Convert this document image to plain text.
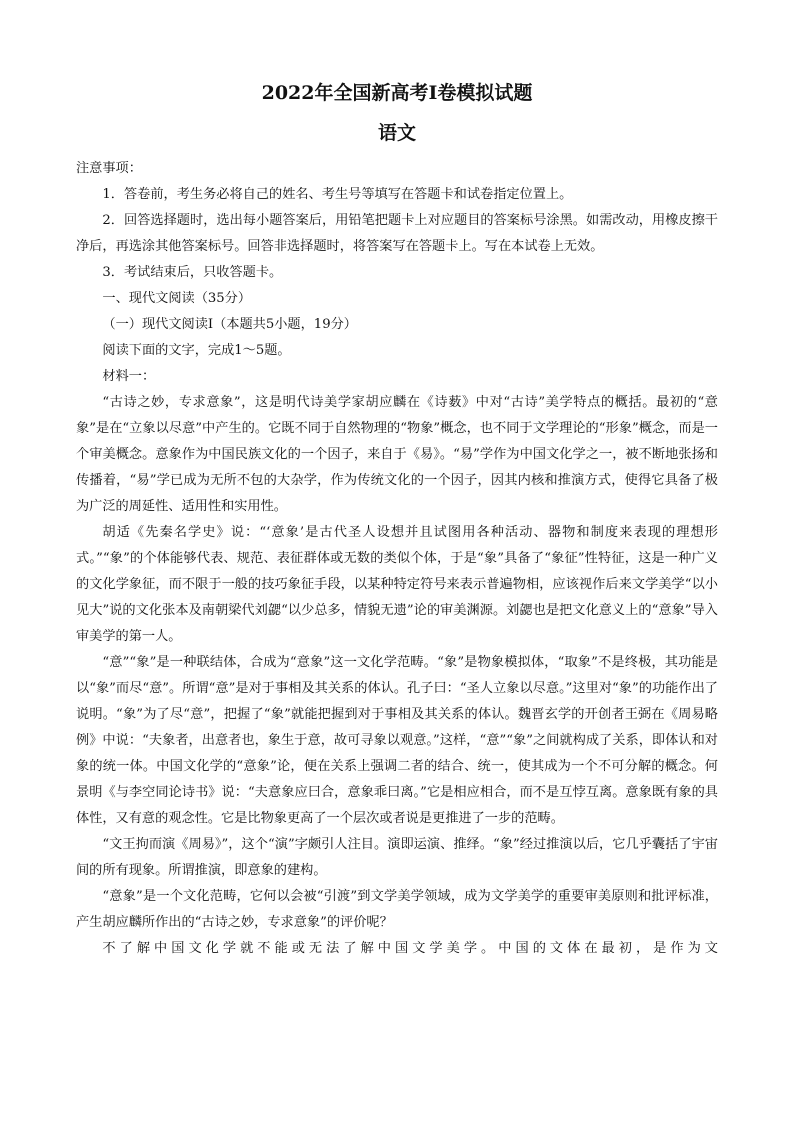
2022年全国新高考Ⅰ卷模拟试题
语文

注意事项：

1．答卷前，考生务必将自己的姓名、考生号等填写在答题卡和试卷指定位置上。

2．回答选择题时，选出每小题答案后，用铅笔把题卡上对应题目的答案标号涂黑。如需改动，用橡皮擦干净后，再选涂其他答案标号。回答非选择题时，将答案写在答题卡上。写在本试卷上无效。

3．考试结束后，只收答题卡。

一、现代文阅读（35分）

（一）现代文阅读Ⅰ（本题共5小题，19分）

阅读下面的文字，完成1～5题。

材料一：

“古诗之妙，专求意象”，这是明代诗美学家胡应麟在《诗薮》中对“古诗”美学特点的概括。最初的“意象”是在“立象以尽意”中产生的。它既不同于自然物理的“物象”概念，也不同于文学理论的“形象”概念，而是一个审美概念。意象作为中国民族文化的一个因子，来自于《易》。“易”学作为中国文化学之一，被不断地张扬和传播着，“易”学已成为无所不包的大杂学，作为传统文化的一个因子，因其内核和推演方式，使得它具备了极为广泛的周延性、适用性和实用性。

胡适《先秦名学史》说：“‘意象’是古代圣人设想并且试图用各种活动、器物和制度来表现的理想形式。”“象”的个体能够代表、规范、表征群体或无数的类似个体，于是“象”具备了“象征”性特征，这是一种广义的文化学象征，而不限于一般的技巧象征手段，以某种特定符号来表示普遍物相，应该视作后来文学美学“以小见大”说的文化张本及南朝梁代刘勰“以少总多，情貌无遗”论的审美渊源。刘勰也是把文化意义上的“意象”导入审美学的第一人。

“意”“象”是一种联结体，合成为“意象”这一文化学范畴。“象”是物象模拟体，“取象”不是终极，其功能是以“象”而尽“意”。所谓“意”是对于事相及其关系的体认。孔子曰：“圣人立象以尽意。”这里对“象”的功能作出了说明。“象”为了尽“意”，把握了“象”就能把握到对于事相及其关系的体认。魏晋玄学的开创者王弼在《周易略例》中说：“夫象者，出意者也，象生于意，故可寻象以观意。”这样，“意”“象”之间就构成了关系，即体认和对象的统一体。中国文化学的“意象”论，便在关系上强调二者的结合、统一，使其成为一个不可分解的概念。何景明《与李空同论诗书》说：“夫意象应曰合，意象乖曰离。”它是相应相合，而不是互悖互离。意象既有象的具体性，又有意的观念性。它是比物象更高了一个层次或者说是更推进了一步的范畴。

“文王拘而演《周易》”，这个“演”字颇引人注目。演即运演、推绎。“象”经过推演以后，它几乎囊括了宇宙间的所有现象。所谓推演，即意象的建构。

“意象”是一个文化范畴，它何以会被“引渡”到文学美学领域，成为文学美学的重要审美原则和批评标准，产生胡应麟所作出的“古诗之妙，专求意象”的评价呢？

不了解中国文化学就不能或无法了解中国文学美学。中国的文体在最初，是作为文
